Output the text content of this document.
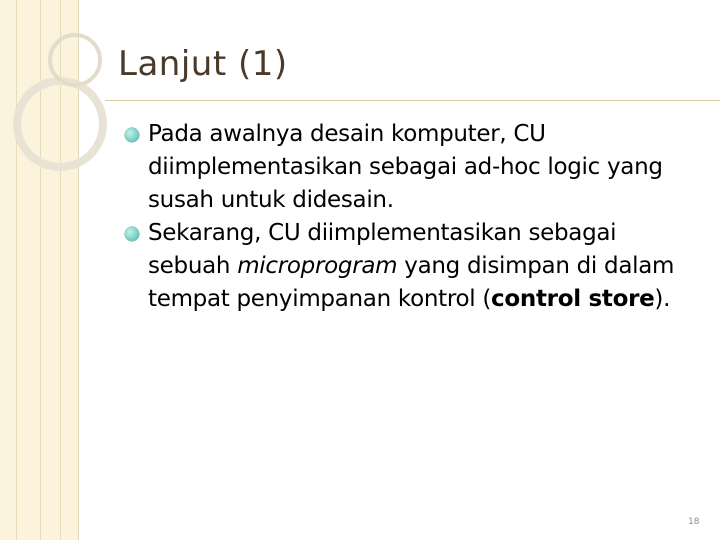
Lanjut (1)
Pada awalnya desain komputer, CU diimplementasikan sebagai ad-hoc logic yang susah untuk didesain.
Sekarang, CU diimplementasikan sebagai sebuah microprogram yang disimpan di dalam tempat penyimpanan kontrol (control store).
18
